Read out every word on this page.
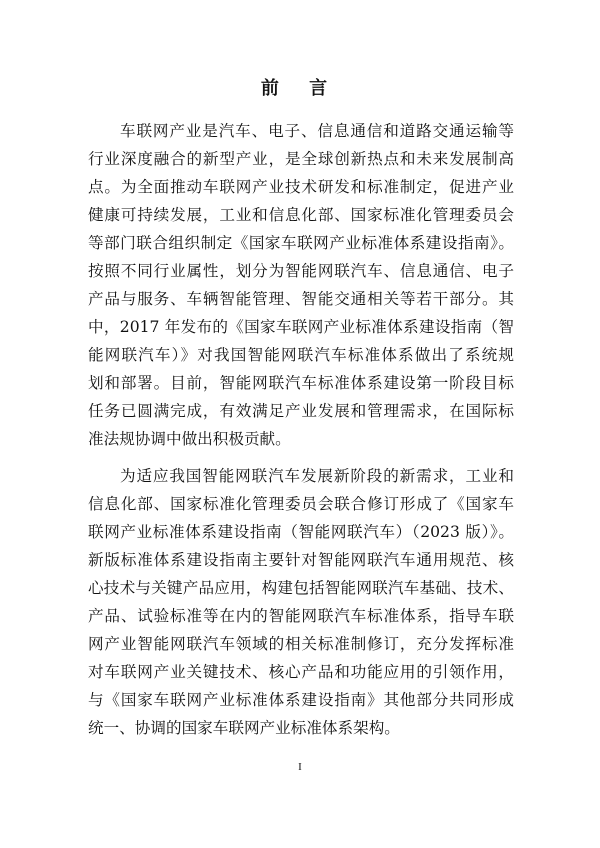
前 言
车联网产业是汽车、电子、信息通信和道路交通运输等
行业深度融合的新型产业，是全球创新热点和未来发展制高
点。为全面推动车联网产业技术研发和标准制定，促进产业
健康可持续发展，工业和信息化部、国家标准化管理委员会
等部门联合组织制定《国家车联网产业标准体系建设指南》。
按照不同行业属性，划分为智能网联汽车、信息通信、电子
产品与服务、车辆智能管理、智能交通相关等若干部分。其
中，2017 年发布的《国家车联网产业标准体系建设指南（智
能网联汽车）》对我国智能网联汽车标准体系做出了系统规
划和部署。目前，智能网联汽车标准体系建设第一阶段目标
任务已圆满完成，有效满足产业发展和管理需求，在国际标
准法规协调中做出积极贡献。
为适应我国智能网联汽车发展新阶段的新需求，工业和
信息化部、国家标准化管理委员会联合修订形成了《国家车
联网产业标准体系建设指南（智能网联汽车）（2023 版）》。
新版标准体系建设指南主要针对智能网联汽车通用规范、核
心技术与关键产品应用，构建包括智能网联汽车基础、技术、
产品、试验标准等在内的智能网联汽车标准体系，指导车联
网产业智能网联汽车领域的相关标准制修订，充分发挥标准
对车联网产业关键技术、核心产品和功能应用的引领作用，
与《国家车联网产业标准体系建设指南》其他部分共同形成
统一、协调的国家车联网产业标准体系架构。
I
